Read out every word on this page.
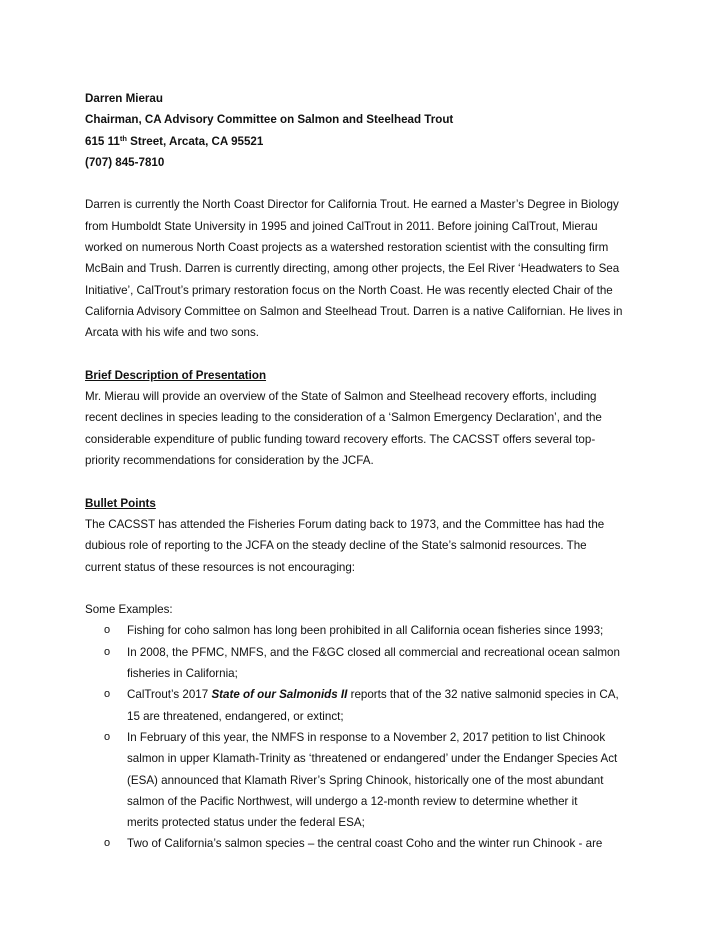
Darren Mierau
Chairman, CA Advisory Committee on Salmon and Steelhead Trout
615 11th Street, Arcata, CA 95521
(707) 845-7810
Darren is currently the North Coast Director for California Trout. He earned a Master’s Degree in Biology
from Humboldt State University in 1995 and joined CalTrout in 2011. Before joining CalTrout, Mierau
worked on numerous North Coast projects as a watershed restoration scientist with the consulting firm
McBain and Trush. Darren is currently directing, among other projects, the Eel River ‘Headwaters to Sea
Initiative’, CalTrout’s primary restoration focus on the North Coast. He was recently elected Chair of the
California Advisory Committee on Salmon and Steelhead Trout. Darren is a native Californian. He lives in
Arcata with his wife and two sons.
Brief Description of Presentation
Mr. Mierau will provide an overview of the State of Salmon and Steelhead recovery efforts, including
recent declines in species leading to the consideration of a ‘Salmon Emergency Declaration’, and the
considerable expenditure of public funding toward recovery efforts. The CACSST offers several top-
priority recommendations for consideration by the JCFA.
Bullet Points
The CACSST has attended the Fisheries Forum dating back to 1973, and the Committee has had the
dubious role of reporting to the JCFA on the steady decline of the State’s salmonid resources. The
current status of these resources is not encouraging:
Some Examples:
o Fishing for coho salmon has long been prohibited in all California ocean fisheries since 1993;
o In 2008, the PFMC, NMFS, and the F&GC closed all commercial and recreational ocean salmon
fisheries in California;
o CalTrout’s 2017 State of our Salmonids II reports that of the 32 native salmonid species in CA,
15 are threatened, endangered, or extinct;
o In February of this year, the NMFS in response to a November 2, 2017 petition to list Chinook
salmon in upper Klamath-Trinity as ‘threatened or endangered’ under the Endanger Species Act
(ESA) announced that Klamath River’s Spring Chinook, historically one of the most abundant
salmon of the Pacific Northwest, will undergo a 12-month review to determine whether it
merits protected status under the federal ESA;
o Two of California’s salmon species – the central coast Coho and the winter run Chinook - are
